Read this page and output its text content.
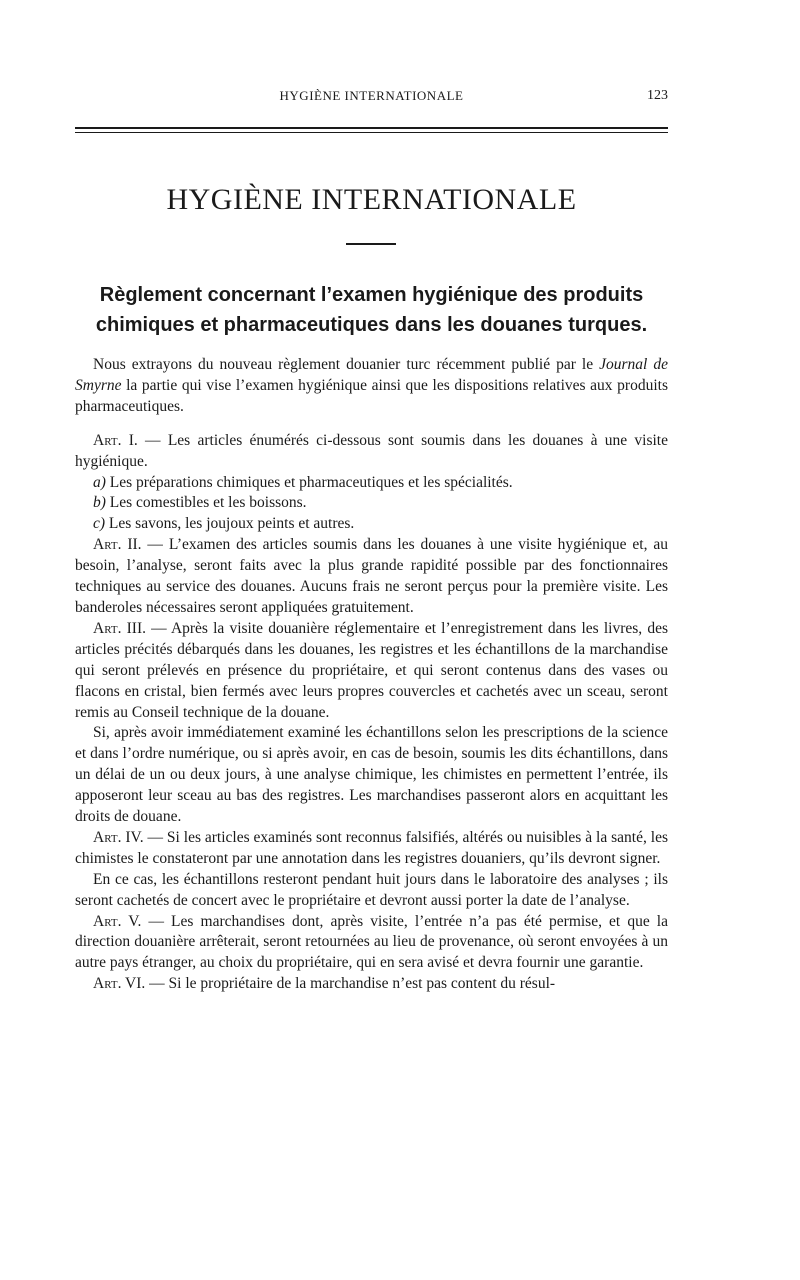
HYGIÈNE INTERNATIONALE	123
HYGIÈNE INTERNATIONALE
Règlement concernant l’examen hygiénique des produits chimiques et pharmaceutiques dans les douanes turques.

Nous extrayons du nouveau règlement douanier turc récemment publié par le Journal de Smyrne la partie qui vise l’examen hygiénique ainsi que les dispositions relatives aux produits pharmaceutiques.

Art. I. — Les articles énumérés ci-dessous sont soumis dans les douanes à une visite hygiénique.

a) Les préparations chimiques et pharmaceutiques et les spécialités.

b) Les comestibles et les boissons.

c) Les savons, les joujoux peints et autres.

Art. II. — L’examen des articles soumis dans les douanes à une visite hygiénique et, au besoin, l’analyse, seront faits avec la plus grande rapidité possible par des fonctionnaires techniques au service des douanes. Aucuns frais ne seront perçus pour la première visite. Les banderoles nécessaires seront appliquées gratuitement.

Art. III. — Après la visite douanière réglementaire et l’enregistrement dans les livres, des articles précités débarqués dans les douanes, les registres et les échantillons de la marchandise qui seront prélevés en présence du propriétaire, et qui seront contenus dans des vases ou flacons en cristal, bien fermés avec leurs propres couvercles et cachetés avec un sceau, seront remis au Conseil technique de la douane.

Si, après avoir immédiatement examiné les échantillons selon les prescriptions de la science et dans l’ordre numérique, ou si après avoir, en cas de besoin, soumis les dits échantillons, dans un délai de un ou deux jours, à une analyse chimique, les chimistes en permettent l’entrée, ils apposeront leur sceau au bas des registres. Les marchandises passeront alors en acquittant les droits de douane.

Art. IV. — Si les articles examinés sont reconnus falsifiés, altérés ou nuisibles à la santé, les chimistes le constateront par une annotation dans les registres douaniers, qu’ils devront signer.

En ce cas, les échantillons resteront pendant huit jours dans le laboratoire des analyses ; ils seront cachetés de concert avec le propriétaire et devront aussi porter la date de l’analyse.

Art. V. — Les marchandises dont, après visite, l’entrée n’a pas été permise, et que la direction douanière arrêterait, seront retournées au lieu de provenance, où seront envoyées à un autre pays étranger, au choix du propriétaire, qui en sera avisé et devra fournir une garantie.

Art. VI. — Si le propriétaire de la marchandise n’est pas content du résul-
